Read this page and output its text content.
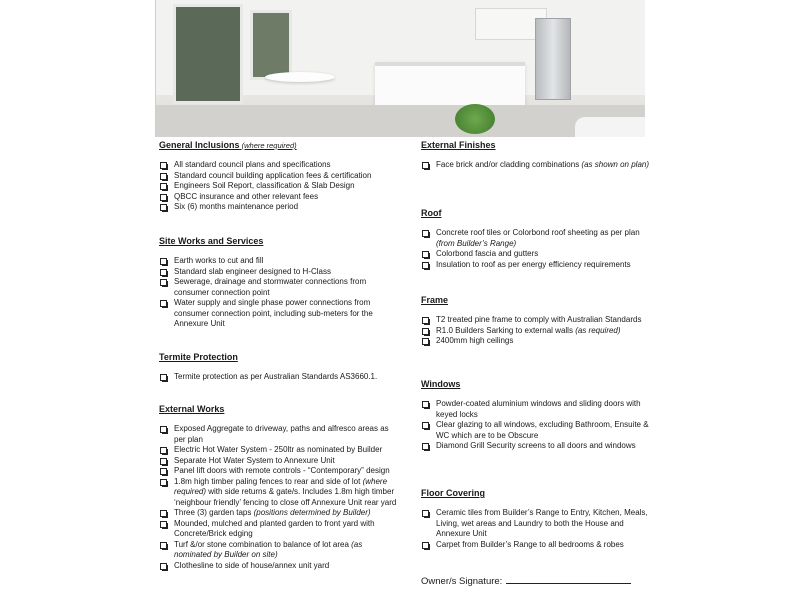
General Inclusions (where required)
All standard council plans and specifications
Standard council building application fees & certification
Engineers Soil Report, classification & Slab Design
QBCC insurance and other relevant fees
Six (6) months maintenance period
Site Works and Services
Earth works to cut and fill
Standard slab engineer designed to H-Class
Sewerage, drainage and stormwater connections from consumer connection point
Water supply and single phase power connections from consumer connection point, including sub-meters for the Annexure Unit
Termite Protection
Termite protection as per Australian Standards AS3660.1.
External Works
Exposed Aggregate to driveway, paths and alfresco areas as per plan
Electric Hot Water System - 250ltr as nominated by Builder
Separate Hot Water System to Annexure Unit
Panel lift doors with remote controls - “Contemporary” design
1.8m high timber paling fences to rear and side of lot (where required) with side returns & gate/s. Includes 1.8m high timber ‘neighbour friendly’ fencing to close off Annexure Unit rear yard
Three (3) garden taps (positions determined by Builder)
Mounded, mulched and planted garden to front yard with Concrete/Brick edging
Turf &/or stone combination to balance of lot area (as nominated by Builder on site)
Clothesline to side of house/annex unit yard
External Finishes
Face brick and/or cladding combinations (as shown on plan)
Roof
Concrete roof tiles or Colorbond roof sheeting as per plan (from Builder’s Range)
Colorbond fascia and gutters
Insulation to roof as per energy efficiency requirements
Frame
T2 treated pine frame to comply with Australian Standards
R1.0 Builders Sarking to external walls (as required)
2400mm high ceilings
Windows
Powder-coated aluminium windows and sliding doors with keyed locks
Clear glazing to all windows, excluding Bathroom, Ensuite & WC which are to be Obscure
Diamond Grill Security screens to all doors and windows
Floor Covering
Ceramic tiles from Builder’s Range to Entry, Kitchen, Meals, Living, wet areas and Laundry to both the House and Annexure Unit
Carpet from Builder’s Range to all bedrooms & robes
Owner/s Signature:
